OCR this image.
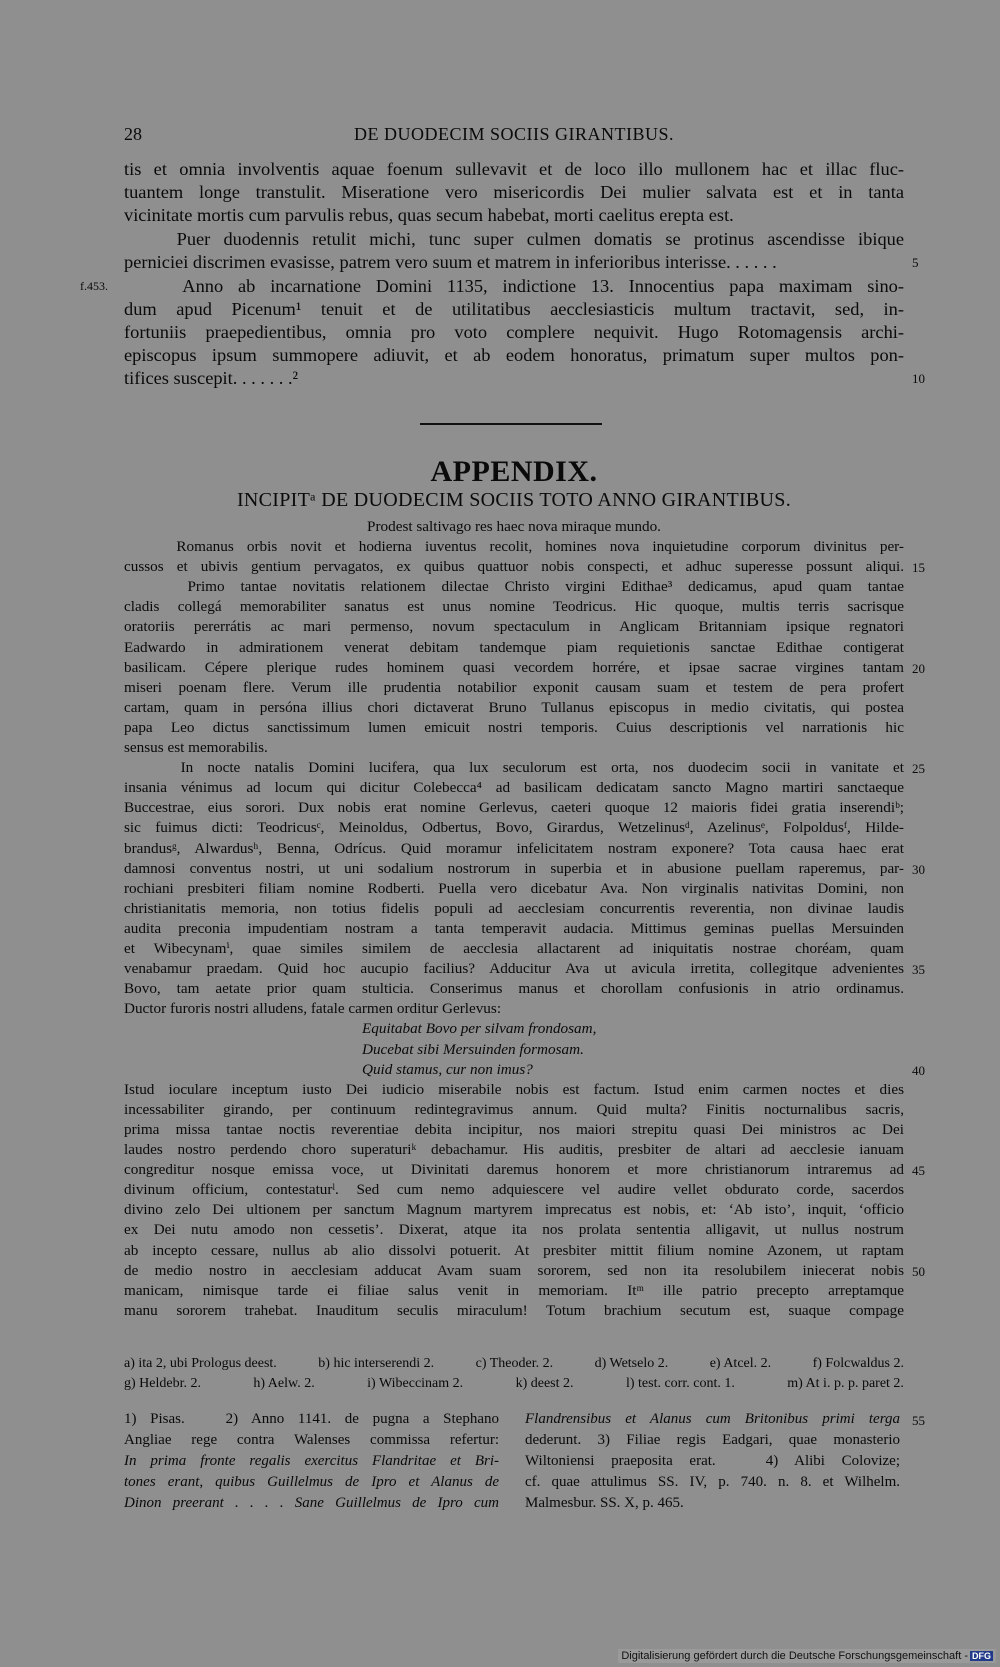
28	DE DUODECIM SOCIIS GIRANTIBUS.
tis et omnia involventis aquae foenum sullevavit et de loco illo mullonem hac et illac fluc-
tuantem longe transtulit. Miseratione vero misericordis Dei mulier salvata est et in tanta
vicinitate mortis cum parvulis rebus, quas secum habebat, morti caelitus erepta est.
Puer duodennis retulit michi, tunc super culmen domatis se protinus ascendisse ibique
perniciei discrimen evasisse, patrem vero suum et matrem in inferioribus interisse. . . . . .	5
f.453. Anno ab incarnatione Domini 1135, indictione 13. Innocentius papa maximam sino-
dum apud Picenum¹ tenuit et de utilitatibus aecclesiasticis multum tractavit, sed, in-
fortuniis praepedientibus, omnia pro voto complere nequivit. Hugo Rotomagensis archi-
episcopus ipsum summopere adiuvit, et ab eodem honoratus, primatum super multos pon-
tifices suscepit. . . . . . .²	10
APPENDIX.
INCIPITᵃ DE DUODECIM SOCIIS TOTO ANNO GIRANTIBUS.
Prodest saltivago res haec nova miraque mundo.
Romanus orbis novit et hodierna iuventus recolit, homines nova inquietudine corporum divinitus per-
cussos et ubivis gentium pervagatos, ex quibus quattuor nobis conspecti, et adhuc superesse possunt aliqui.
Primo tantae novitatis relationem dilectae Christo virgini Edithae³ dedicamus, apud quam tantae
cladis collegá memorabiliter sanatus est unus nomine Teodricus. Hic quoque, multis terris sacrisque
oratoriis pererrátis ac mari permenso, novum spectaculum in Anglicam Britanniam ipsique regnatori
Eadwardo in admirationem venerat debitam tandemque piam requietionis sanctae Edithae contigerat
basilicam. Cépere plerique rudes hominem quasi vecordem horrére, et ipsae sacrae virgines tantam
miseri poenam flere. Verum ille prudentia notabilior exponit causam suam et testem de pera profert
cartam, quam in persóna illius chori dictaverat Bruno Tullanus episcopus in medio civitatis, qui postea
papa Leo dictus sanctissimum lumen emicuit nostri temporis. Cuius descriptionis vel narrationis hic
sensus est memorabilis.
In nocte natalis Domini lucifera, qua lux seculorum est orta, nos duodecim socii in vanitate et
insania vénimus ad locum qui dicitur Colebecca⁴ ad basilicam dedicatam sancto Magno martiri sanctaeque
Buccestrae, eius sorori. Dux nobis erat nomine Gerlevus, caeteri quoque 12 maioris fidei gratia inserendiᵇ;
sic fuimus dicti: Teodricusᶜ, Meinoldus, Odbertus, Bovo, Girardus, Wetzelinusᵈ, Azelinusᵉ, Folpoldusᶠ, Hilde-
brandusᵍ, Alwardusʰ, Benna, Odrícus. Quid moramur infelicitatem nostram exponere? Tota causa haec erat
damnosi conventus nostri, ut uni sodalium nostrorum in superbia et in abusione puellam raperemus, par-
rochiani presbiteri filiam nomine Rodberti. Puella vero dicebatur Ava. Non virginalis nativitas Domini, non
christianitatis memoria, non totius fidelis populi ad aecclesiam concurrentis reverentia, non divinae laudis
audita preconia impudentiam nostram a tanta temperavit audacia. Mittimus geminas puellas Mersuinden
et Wibecynamⁱ, quae similes similem de aecclesia allactarent ad iniquitatis nostrae choréam, quam
venabamur praedam. Quid hoc aucupio facilius? Adducitur Ava ut avicula irretita, collegitque advenientes
Bovo, tam aetate prior quam stulticia. Conserimus manus et chorollam confusionis in atrio ordinamus.
Ductor furoris nostri alludens, fatale carmen orditur Gerlevus:
Equitabat Bovo per silvam frondosam,
Ducebat sibi Mersuinden formosam.
Quid stamus, cur non imus?
Istud ioculare inceptum iusto Dei iudicio miserabile nobis est factum. Istud enim carmen noctes et dies
incessabiliter girando, per continuum redintegravimus annum. Quid multa? Finitis nocturnalibus sacris,
prima missa tantae noctis reverentiae debita incipitur, nos maiori strepitu quasi Dei ministros ac Dei
laudes nostro perdendo choro superaturiᵏ debachamur. His auditis, presbiter de altari ad aecclesie ianuam
congreditur nosque emissa voce, ut Divinitati daremus honorem et more christianorum intraremus ad
divinum officium, contestaturˡ. Sed cum nemo adquiescere vel audire vellet obdurato corde, sacerdos
divino zelo Dei ultionem per sanctum Magnum martyrem imprecatus est nobis, et: ‘Ab isto’, inquit, ‘officio
ex Dei nutu amodo non cessetis’. Dixerat, atque ita nos prolata sententia alligavit, ut nullus nostrum
ab incepto cessare, nullus ab alio dissolvi potuerit. At presbiter mittit filium nomine Azonem, ut raptam
de medio nostro in aecclesiam adducat Avam suam sororem, sed non ita resolubilem iniecerat nobis
manicam, nimisque tarde ei filiae salus venit in memoriam. Itᵐ ille patrio precepto arreptamque
manu sororem trahebat. Inauditum seculis miraculum! Totum brachium secutum est, suaque compage
15
20
25
30
35
40
45
50
a) ita 2, ubi Prologus deest.	b) hic interserendi 2.	c) Theoder. 2.	d) Wetselo 2.	e) Atcel. 2.	f) Folcwaldus 2.
g) Heldebr. 2.	h) Aelw. 2.	i) Wibeccinam 2.	k) deest 2.	l) test. corr. cont. 1.	m) At i. p. p. paret 2.
1) Pisas.   2) Anno 1141. de pugna a Stephano
Angliae rege contra Walenses commissa refertur:
In prima fronte regalis exercitus Flandritae et Bri-
tones erant, quibus Guillelmus de Ipro et Alanus de
Dinon preerant . . . . Sane Guillelmus de Ipro cum
Flandrensibus et Alanus cum Britonibus primi terga
dederunt. 3) Filiae regis Eadgari, quae monasterio
Wiltoniensi praeposita erat.   4) Alibi Colovize;
cf. quae attulimus SS. IV, p. 740. n. 8. et Wilhelm.
Malmesbur. SS. X, p. 465.
55
Digitalisierung gefördert durch die Deutsche Forschungsgemeinschaft - DFG
